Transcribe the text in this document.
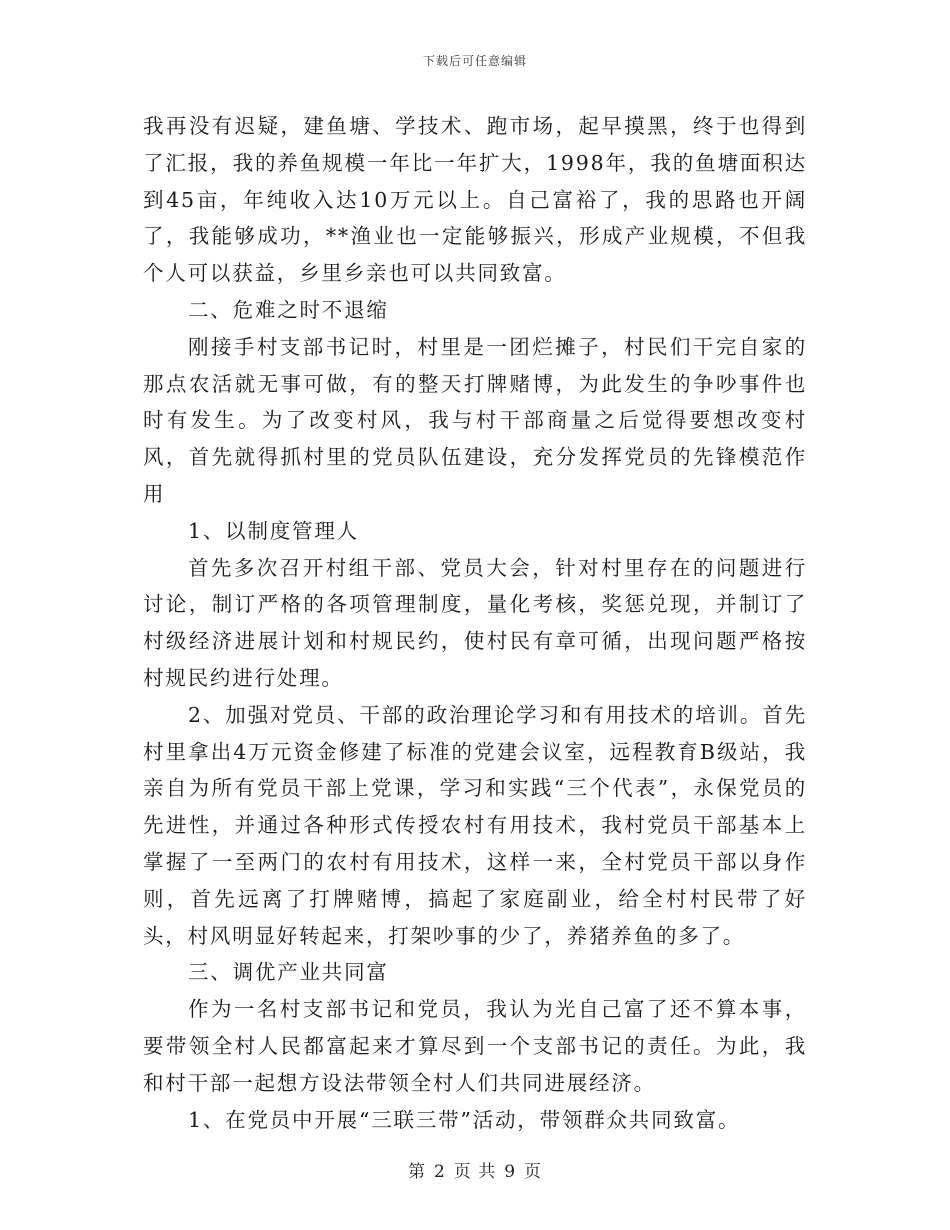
下载后可任意编辑

我再没有迟疑，建鱼塘、学技术、跑市场，起早摸黑，终于也得到了汇报，我的养鱼规模一年比一年扩大，1998年，我的鱼塘面积达到45亩，年纯收入达10万元以上。自己富裕了，我的思路也开阔了，我能够成功，**渔业也一定能够振兴，形成产业规模，不但我个人可以获益，乡里乡亲也可以共同致富。

二、危难之时不退缩

刚接手村支部书记时，村里是一团烂摊子，村民们干完自家的那点农活就无事可做，有的整天打牌赌博，为此发生的争吵事件也时有发生。为了改变村风，我与村干部商量之后觉得要想改变村风，首先就得抓村里的党员队伍建设，充分发挥党员的先锋模范作用

1、以制度管理人

首先多次召开村组干部、党员大会，针对村里存在的问题进行讨论，制订严格的各项管理制度，量化考核，奖惩兑现，并制订了村级经济进展计划和村规民约，使村民有章可循，出现问题严格按村规民约进行处理。

2、加强对党员、干部的政治理论学习和有用技术的培训。首先村里拿出4万元资金修建了标准的党建会议室，远程教育B级站，我亲自为所有党员干部上党课，学习和实践“三个代表”，永保党员的先进性，并通过各种形式传授农村有用技术，我村党员干部基本上掌握了一至两门的农村有用技术，这样一来，全村党员干部以身作则，首先远离了打牌赌博，搞起了家庭副业，给全村村民带了好头，村风明显好转起来，打架吵事的少了，养猪养鱼的多了。

三、调优产业共同富

作为一名村支部书记和党员，我认为光自己富了还不算本事，要带领全村人民都富起来才算尽到一个支部书记的责任。为此，我和村干部一起想方设法带领全村人们共同进展经济。

1、在党员中开展“三联三带”活动，带领群众共同致富。

第 2 页 共 9 页
